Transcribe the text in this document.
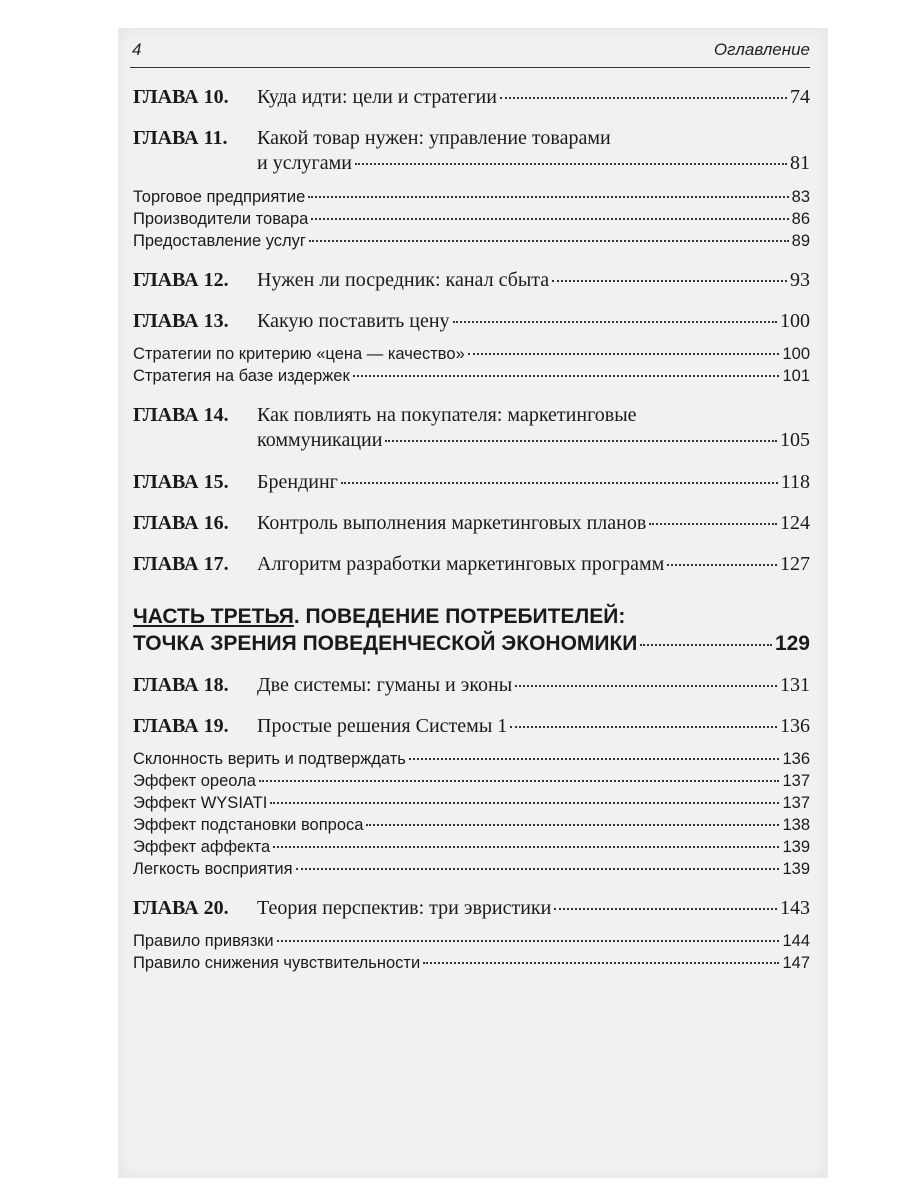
4	Оглавление
ГЛАВА 10. Куда идти: цели и стратегии	74
ГЛАВА 11. Какой товар нужен: управление товарами
и услугами	81
Торговое предприятие	83
Производители товара	86
Предоставление услуг	89
ГЛАВА 12. Нужен ли посредник: канал сбыта	93
ГЛАВА 13. Какую поставить цену	100
Стратегии по критерию «цена — качество»	100
Стратегия на базе издержек	101
ГЛАВА 14. Как повлиять на покупателя: маркетинговые
коммуникации	105
ГЛАВА 15. Брендинг	118
ГЛАВА 16. Контроль выполнения маркетинговых планов	124
ГЛАВА 17. Алгоритм разработки маркетинговых программ	127
ЧАСТЬ ТРЕТЬЯ. ПОВЕДЕНИЕ ПОТРЕБИТЕЛЕЙ:
ТОЧКА ЗРЕНИЯ ПОВЕДЕНЧЕСКОЙ ЭКОНОМИКИ	129
ГЛАВА 18. Две системы: гуманы и эконы	131
ГЛАВА 19. Простые решения Системы 1	136
Склонность верить и подтверждать	136
Эффект ореола	137
Эффект WYSIATI	137
Эффект подстановки вопроса	138
Эффект аффекта	139
Легкость восприятия	139
ГЛАВА 20. Теория перспектив: три эвристики	143
Правило привязки	144
Правило снижения чувствительности	147
